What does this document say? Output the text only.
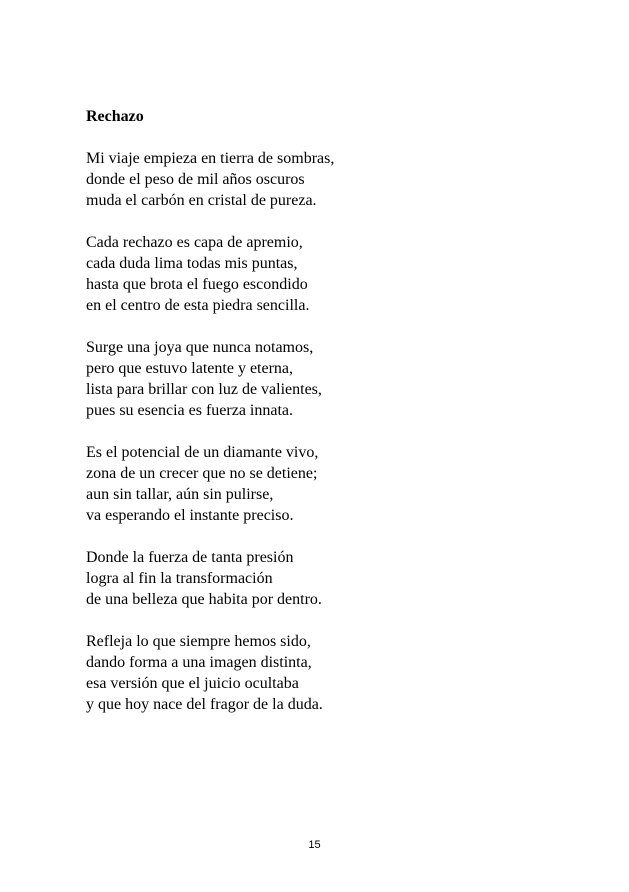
Rechazo
Mi viaje empieza en tierra de sombras,
donde el peso de mil años oscuros
muda el carbón en cristal de pureza.
Cada rechazo es capa de apremio,
cada duda lima todas mis puntas,
hasta que brota el fuego escondido
en el centro de esta piedra sencilla.
Surge una joya que nunca notamos,
pero que estuvo latente y eterna,
lista para brillar con luz de valientes,
pues su esencia es fuerza innata.
Es el potencial de un diamante vivo,
zona de un crecer que no se detiene;
aun sin tallar, aún sin pulirse,
va esperando el instante preciso.
Donde la fuerza de tanta presión
logra al fin la transformación
de una belleza que habita por dentro.
Refleja lo que siempre hemos sido,
dando forma a una imagen distinta,
esa versión que el juicio ocultaba
y que hoy nace del fragor de la duda.
15
